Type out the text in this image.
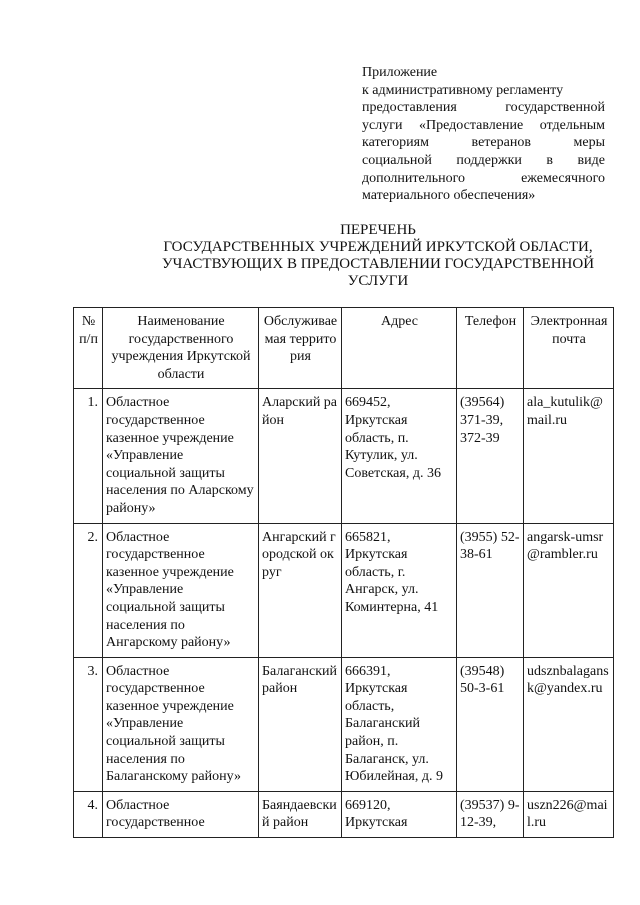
Приложение
к административному регламенту
предоставления государственной
услуги «Предоставление отдельным
категориям ветеранов меры
социальной поддержки в виде
дополнительного ежемесячного
материального обеспечения»
ПЕРЕЧЕНЬ
ГОСУДАРСТВЕННЫХ УЧРЕЖДЕНИЙ ИРКУТСКОЙ ОБЛАСТИ,
УЧАСТВУЮЩИХ В ПРЕДОСТАВЛЕНИИ ГОСУДАРСТВЕННОЙ
УСЛУГИ
№ п/п	Наименование государственного учреждения Иркутской области	Обслуживаемая территория	Адрес	Телефон	Электронная почта
1.	Областное государственное казенное учреждение «Управление социальной защиты населения по Аларскому району»	Аларский район	669452, Иркутская область, п. Кутулик, ул. Советская, д. 36	(39564) 371-39, 372-39	ala_kutulik@mail.ru
2.	Областное государственное казенное учреждение «Управление социальной защиты населения по Ангарскому району»	Ангарский городской округ	665821, Иркутская область, г. Ангарск, ул. Коминтерна, 41	(3955) 52-38-61	angarsk-umsr@rambler.ru
3.	Областное государственное казенное учреждение «Управление социальной защиты населения по Балаганскому району»	Балаганский район	666391, Иркутская область, Балаганский район, п. Балаганск, ул. Юбилейная, д. 9	(39548) 50-3-61	udsznbalagansk@yandex.ru
4.	Областное государственное	Баяндаевский район	669120, Иркутская	(39537) 9-12-39,	uszn226@mail.ru
